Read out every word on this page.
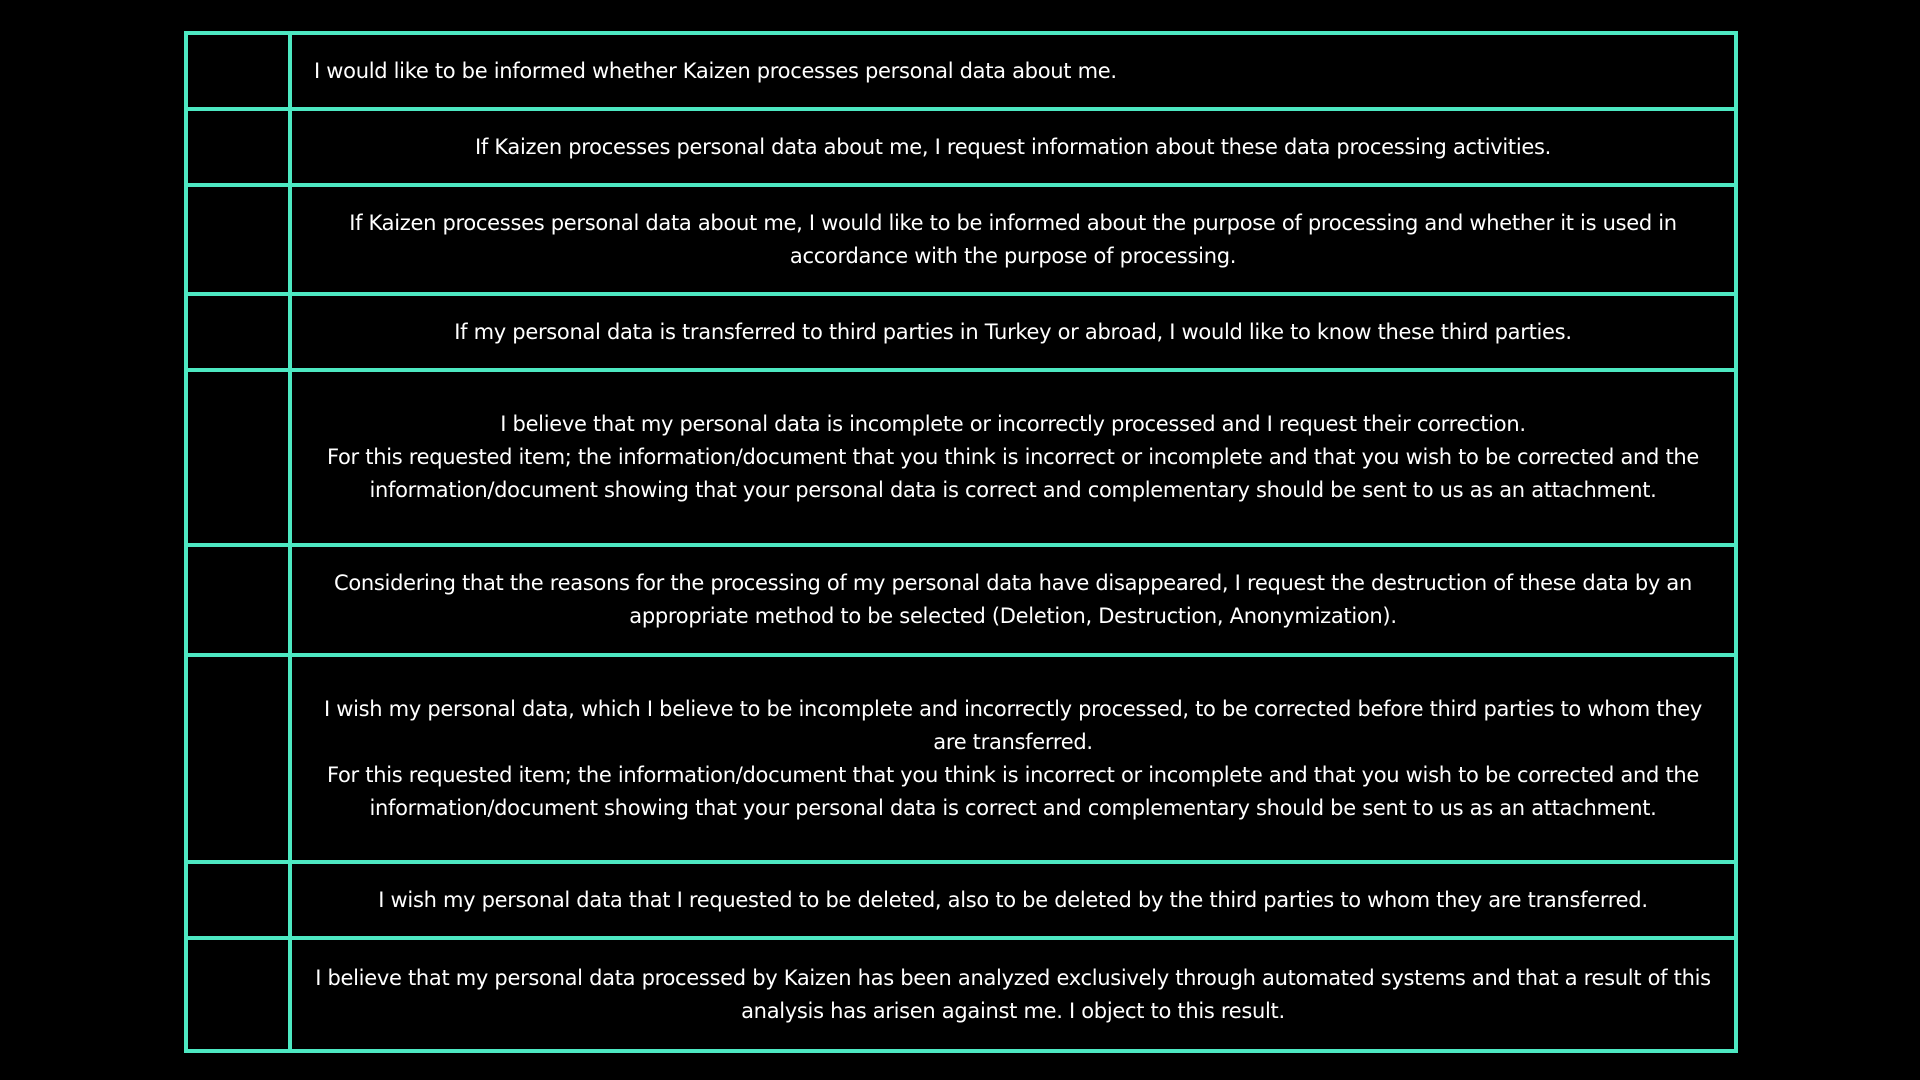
I would like to be informed whether Kaizen processes personal data about me.
If Kaizen processes personal data about me, I request information about these data processing activities.
If Kaizen processes personal data about me, I would like to be informed about the purpose of processing and whether it is used in accordance with the purpose of processing.
If my personal data is transferred to third parties in Turkey or abroad, I would like to know these third parties.
I believe that my personal data is incomplete or incorrectly processed and I request their correction.
For this requested item; the information/document that you think is incorrect or incomplete and that you wish to be corrected and the information/document showing that your personal data is correct and complementary should be sent to us as an attachment.
Considering that the reasons for the processing of my personal data have disappeared, I request the destruction of these data by an appropriate method to be selected (Deletion, Destruction, Anonymization).
I wish my personal data, which I believe to be incomplete and incorrectly processed, to be corrected before third parties to whom they are transferred.
For this requested item; the information/document that you think is incorrect or incomplete and that you wish to be corrected and the information/document showing that your personal data is correct and complementary should be sent to us as an attachment.
I wish my personal data that I requested to be deleted, also to be deleted by the third parties to whom they are transferred.
I believe that my personal data processed by Kaizen has been analyzed exclusively through automated systems and that a result of this analysis has arisen against me. I object to this result.
